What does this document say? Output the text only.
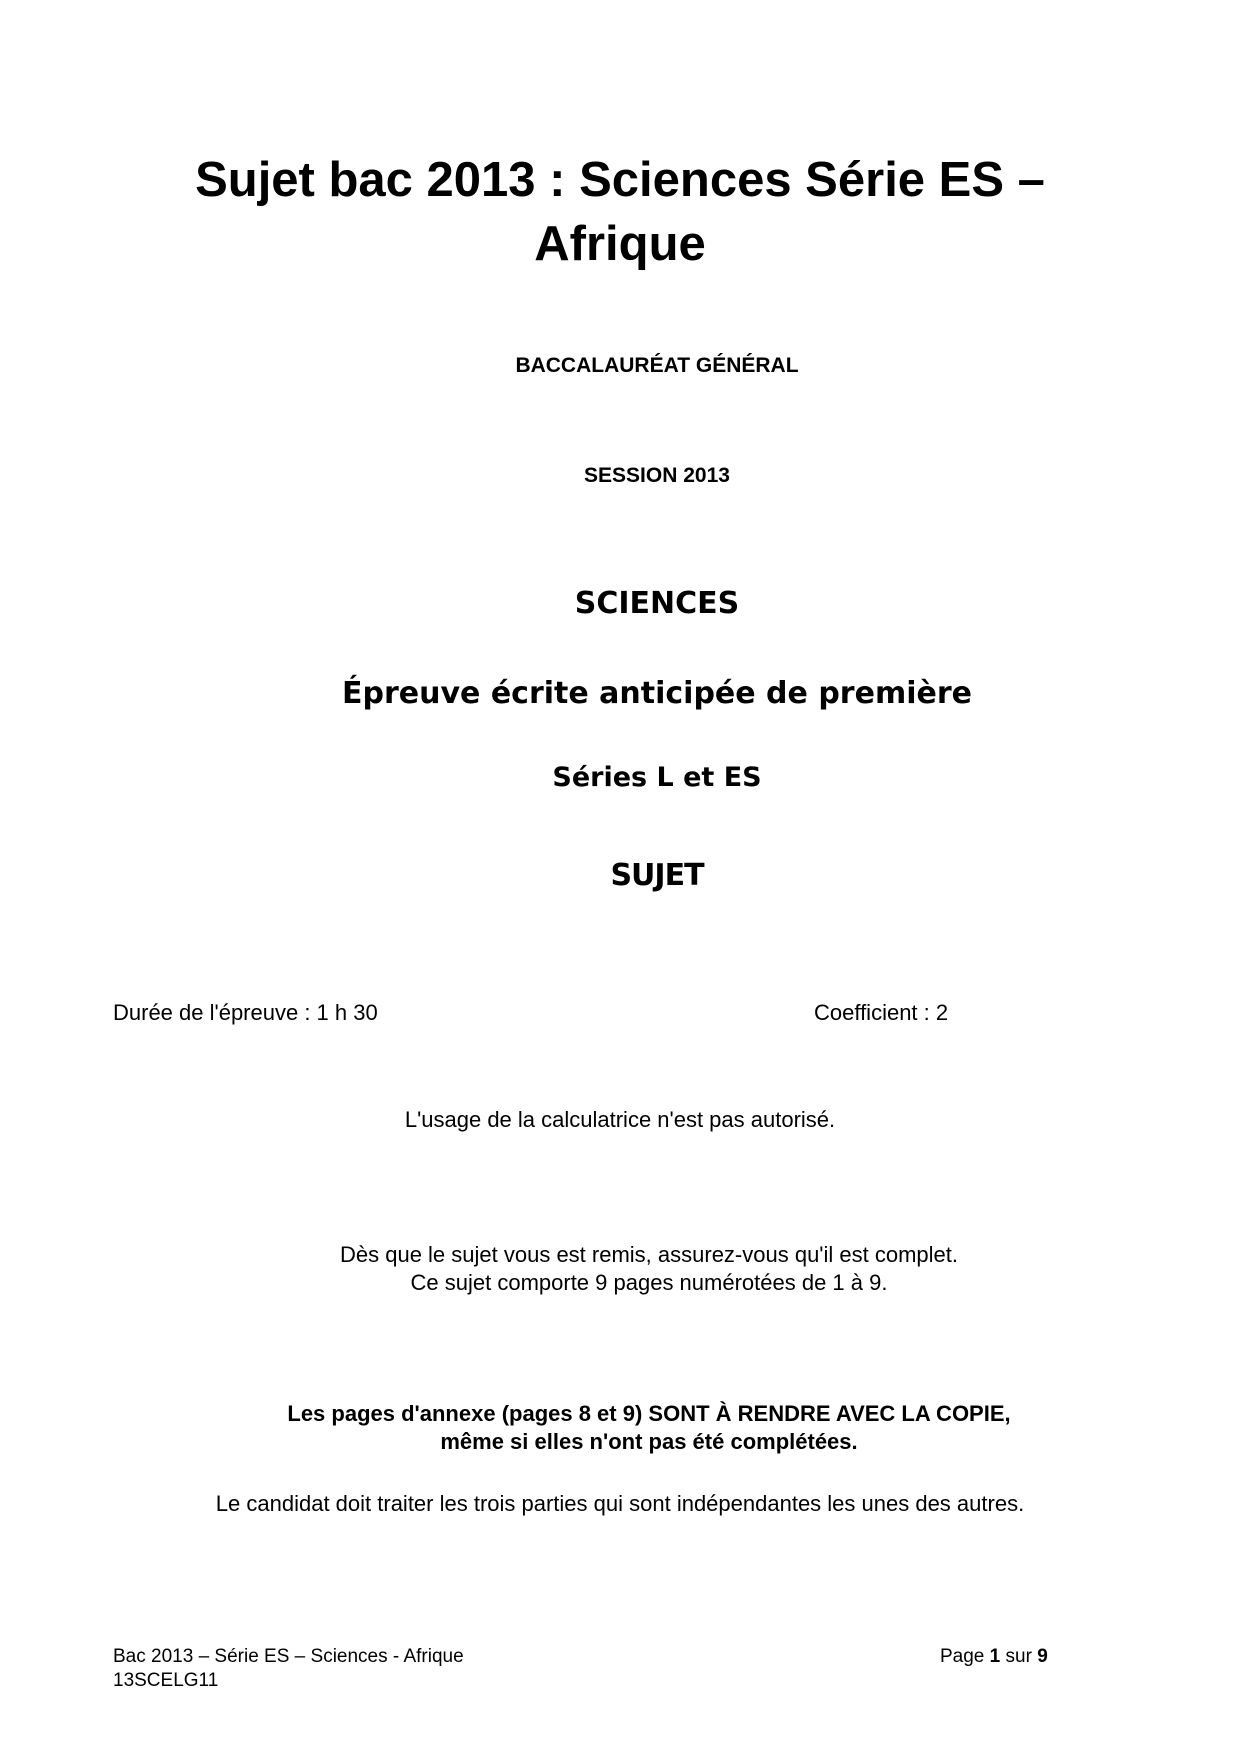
Sujet bac 2013 : Sciences Série ES –
Afrique
BACCALAURÉAT GÉNÉRAL
SESSION 2013
SCIENCES
Épreuve écrite anticipée de première
Séries L et ES
SUJET
Durée de l'épreuve : 1 h 30	Coefficient : 2
L'usage de la calculatrice n'est pas autorisé.
Dès que le sujet vous est remis, assurez-vous qu'il est complet.
Ce sujet comporte 9 pages numérotées de 1 à 9.
Les pages d'annexe (pages 8 et 9) SONT À RENDRE AVEC LA COPIE,
même si elles n'ont pas été complétées.
Le candidat doit traiter les trois parties qui sont indépendantes les unes des autres.
Bac 2013 – Série ES – Sciences - Afrique
13SCELG11
Page 1 sur 9
